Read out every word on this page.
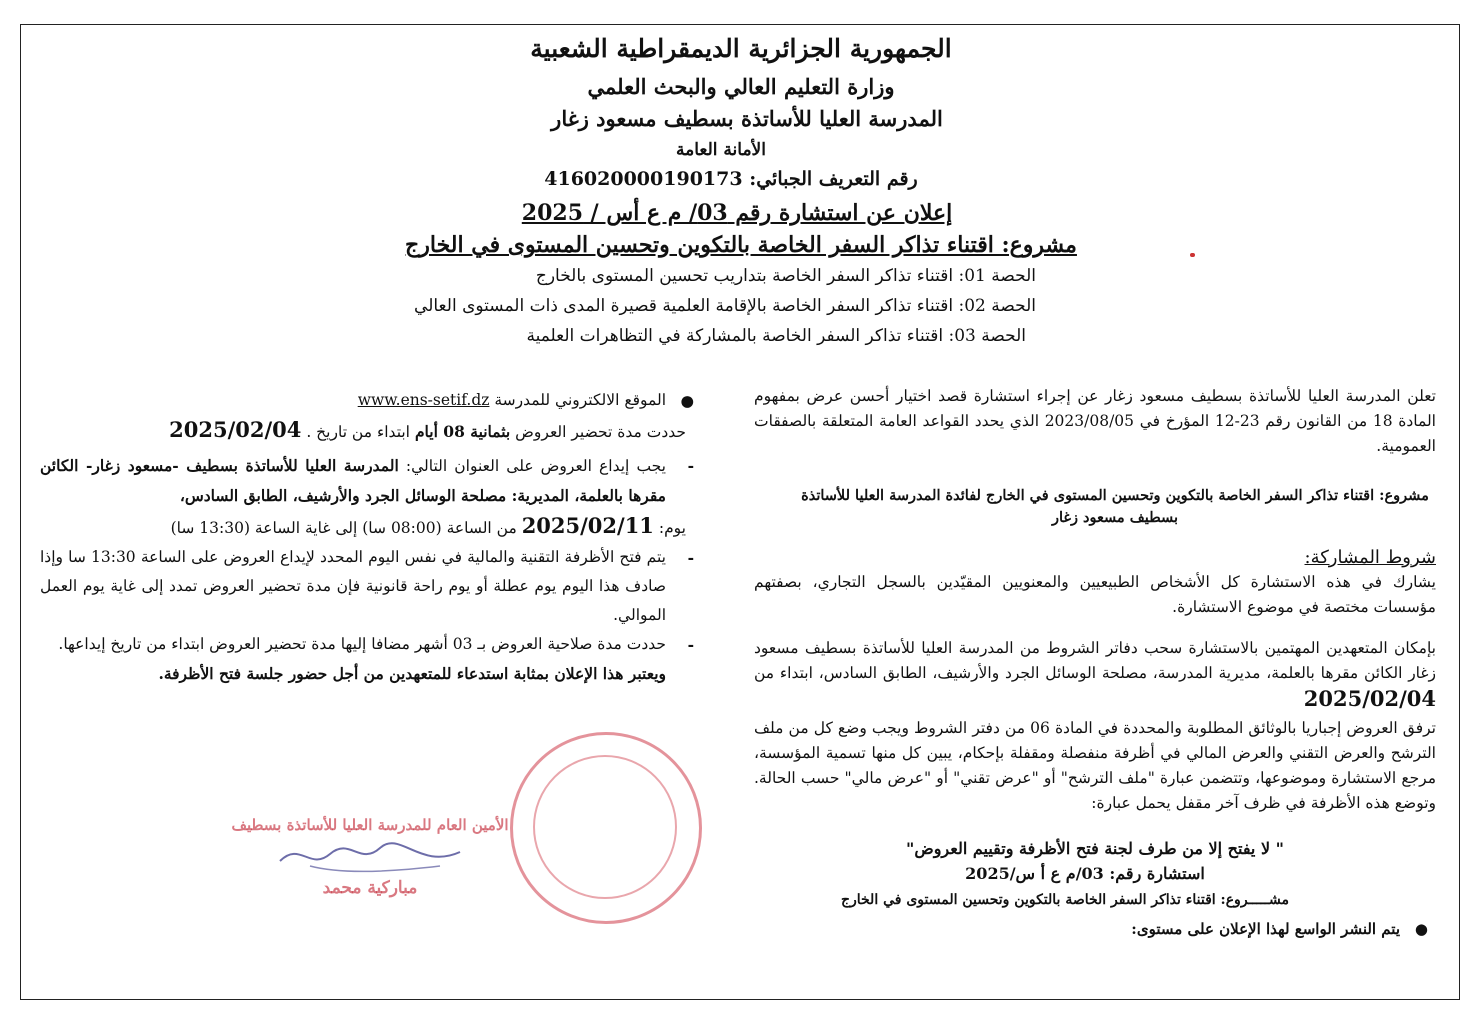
الجمهورية الجزائرية الديمقراطية الشعبية
وزارة التعليم العالي والبحث العلمي
المدرسة العليا للأساتذة بسطيف مسعود زغار
الأمانة العامة
رقم التعريف الجبائي: 416020000190173
إعلان عن استشارة رقم 03/ م ع أس / 2025
مشروع: اقتناء تذاكر السفر الخاصة بالتكوين وتحسين المستوى في الخارج
الحصة 01: اقتناء تذاكر السفر الخاصة بتداريب تحسين المستوى بالخارج
الحصة 02: اقتناء تذاكر السفر الخاصة بالإقامة العلمية قصيرة المدى ذات المستوى العالي
الحصة 03: اقتناء تذاكر السفر الخاصة بالمشاركة في التظاهرات العلمية

تعلن المدرسة العليا للأساتذة بسطيف مسعود زغار عن إجراء استشارة قصد اختيار أحسن عرض بمفهوم المادة 18 من القانون رقم 23-12 المؤرخ في 2023/08/05 الذي يحدد القواعد العامة المتعلقة بالصفقات العمومية.

مشروع: اقتناء تذاكر السفر الخاصة بالتكوين وتحسين المستوى في الخارج لفائدة المدرسة العليا للأساتذة بسطيف مسعود زغار

شروط المشاركة:

يشارك في هذه الاستشارة كل الأشخاص الطبيعيين والمعنويين المقيّدين بالسجل التجاري، بصفتهم مؤسسات مختصة في موضوع الاستشارة.

بإمكان المتعهدين المهتمين بالاستشارة سحب دفاتر الشروط من المدرسة العليا للأساتذة بسطيف مسعود زغار الكائن مقرها بالعلمة، مديرية المدرسة، مصلحة الوسائل الجرد والأرشيف، الطابق السادس، ابتداء من 2025/02/04

ترفق العروض إجباريا بالوثائق المطلوبة والمحددة في المادة 06 من دفتر الشروط ويجب وضع كل من ملف الترشح والعرض التقني والعرض المالي في أظرفة منفصلة ومقفلة بإحكام، يبين كل منها تسمية المؤسسة، مرجع الاستشارة وموضوعها، وتتضمن عبارة "ملف الترشح" أو "عرض تقني" أو "عرض مالي" حسب الحالة. وتوضع هذه الأظرفة في ظرف آخر مقفل يحمل عبارة:

" لا يفتح إلا من طرف لجنة فتح الأظرفة وتقييم العروض"

استشارة رقم: 03/م ع أ س/2025

مشـــــروع: اقتناء تذاكر السفر الخاصة بالتكوين وتحسين المستوى في الخارج

●
يتم النشر الواسع لهذا الإعلان على مستوى:
●
الموقع الالكتروني للمدرسة www.ens-setif.dz
حددت مدة تحضير العروض بثمانية 08 أيام ابتداء من تاريخ . 2025/02/04
-
يجب إيداع العروض على العنوان التالي: المدرسة العليا للأساتذة بسطيف -مسعود زغار- الكائن مقرها بالعلمة، المديرية: مصلحة الوسائل الجرد والأرشيف، الطابق السادس،
يوم: 2025/02/11 من الساعة (08:00 سا) إلى غاية الساعة (13:30 سا)
-
يتم فتح الأظرفة التقنية والمالية في نفس اليوم المحدد لإيداع العروض على الساعة 13:30 سا وإذا صادف هذا اليوم يوم عطلة أو يوم راحة قانونية فإن مدة تحضير العروض تمدد إلى غاية يوم العمل الموالي.
-
حددت مدة صلاحية العروض بـ 03 أشهر مضافا إليها مدة تحضير العروض ابتداء من تاريخ إيداعها.
ويعتبر هذا الإعلان بمثابة استدعاء للمتعهدين من أجل حضور جلسة فتح الأظرفة.
الأمين العام للمدرسة العليا للأساتذة بسطيف
مباركية محمد
